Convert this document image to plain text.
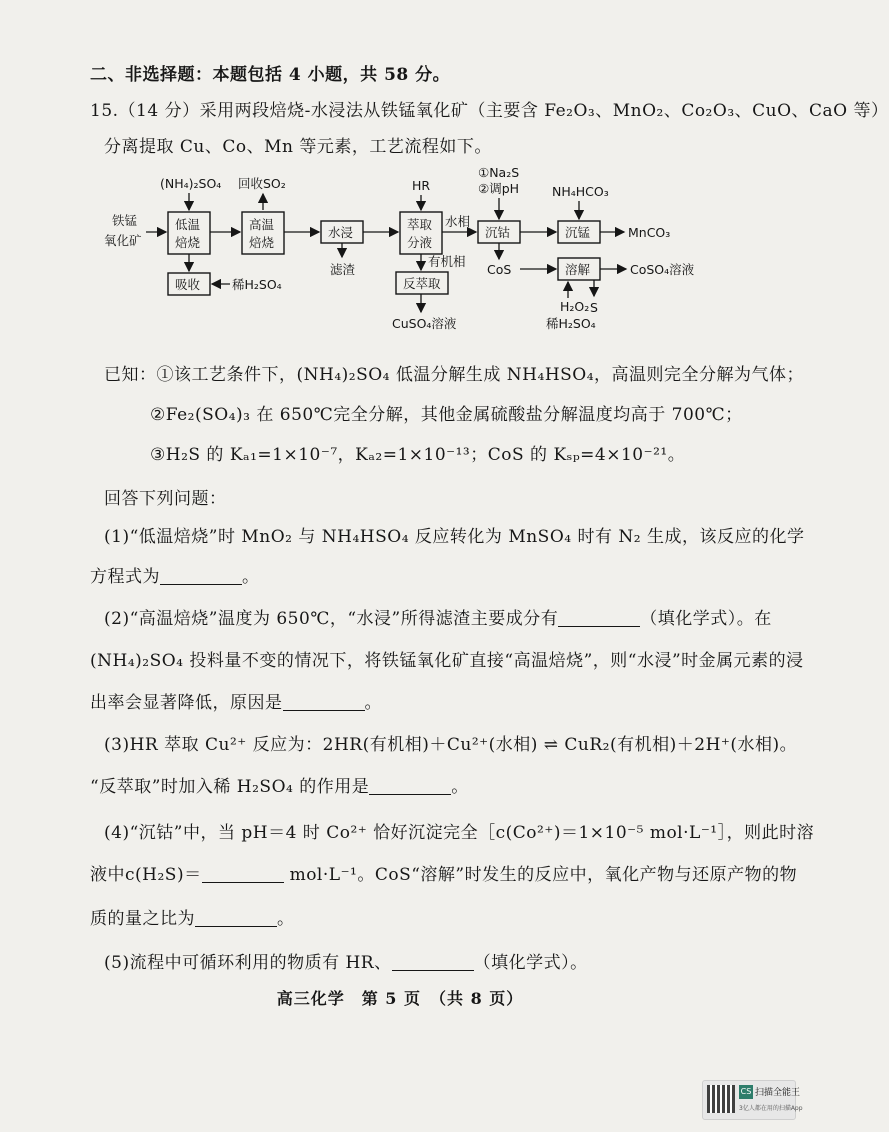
二、非选择题：本题包括 4 小题，共 58 分。
15.（14 分）采用两段焙烧-水浸法从铁锰氧化矿（主要含 Fe₂O₃、MnO₂、Co₂O₃、CuO、CaO 等）
分离提取 Cu、Co、Mn 等元素，工艺流程如下。
铁锰
氧化矿
低温
焙烧
(NH₄)₂SO₄
吸收	稀H₂SO₄
高温
焙烧
回收SO₂
水浸
滤渣
萃取
分液
HR
水相
有机相
反萃取
CuSO₄溶液
沉钴
①Na₂S
②调pH
CoS	溶解	CoSO₄溶液
H₂O₂
稀H₂SO₄
S
沉锰
NH₄HCO₃
MnCO₃
已知：①该工艺条件下，(NH₄)₂SO₄ 低温分解生成 NH₄HSO₄，高温则完全分解为气体；
②Fe₂(SO₄)₃ 在 650℃完全分解，其他金属硫酸盐分解温度均高于 700℃；
③H₂S 的 Kₐ₁=1×10⁻⁷，Kₐ₂=1×10⁻¹³；CoS 的 Kₛₚ=4×10⁻²¹。
回答下列问题：
(1)“低温焙烧”时 MnO₂ 与 NH₄HSO₄ 反应转化为 MnSO₄ 时有 N₂ 生成，该反应的化学
方程式为	。
(2)“高温焙烧”温度为 650℃，“水浸”所得滤渣主要成分有	（填化学式）。在
(NH₄)₂SO₄ 投料量不变的情况下，将铁锰氧化矿直接“高温焙烧”，则“水浸”时金属元素的浸
出率会显著降低，原因是	。
(3)HR 萃取 Cu²⁺ 反应为：2HR(有机相)＋Cu²⁺(水相) ⇌ CuR₂(有机相)＋2H⁺(水相)。
“反萃取”时加入稀 H₂SO₄ 的作用是	。
(4)“沉钴”中，当 pH＝4 时 Co²⁺ 恰好沉淀完全［c(Co²⁺)＝1×10⁻⁵ mol·L⁻¹］，则此时溶
液中c(H₂S)＝	mol·L⁻¹。CoS“溶解”时发生的反应中，氧化产物与还原产物的物
质的量之比为	。
(5)流程中可循环利用的物质有 HR、	（填化学式）。
高三化学　第 5 页　（共 8 页）
CS 扫描全能王
3亿人都在用的扫描App
